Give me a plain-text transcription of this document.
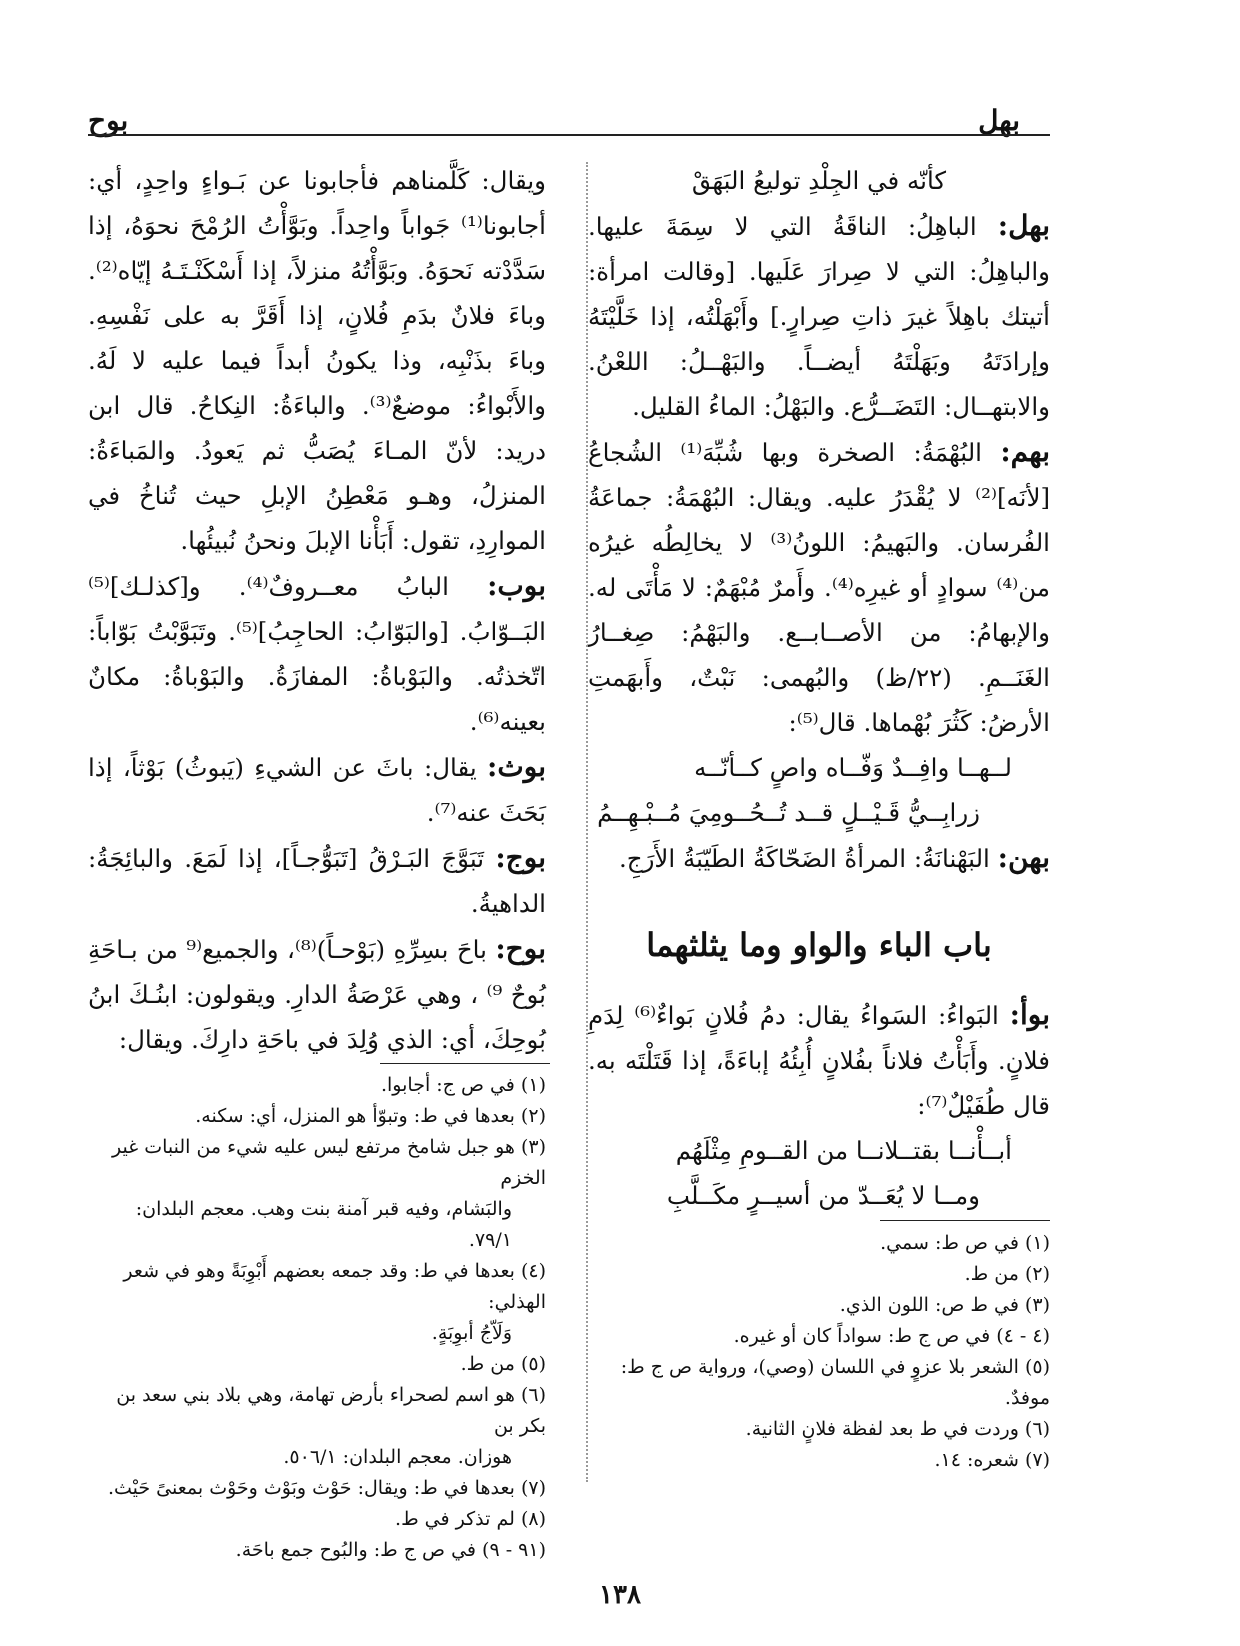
بهل
بوح

كأنّه في الجِلْدِ توليعُ البَهَقْ

بهل: الباهِلُ: الناقَةُ التي لا سِمَةَ عليها. والباهِلُ: التي لا صِرارَ عَلَيها. [وقالت امرأة: أتيتك باهِلاً غيرَ ذاتِ صِرارٍ.] وأَبْهَلْتُه، إذا خَلَّيْتَهُ وإرادَتَهُ وبَهَلْتَهُ أيضــاً. والبَهْــلُ: اللعْنُ. والابتهــال: التَضَــرُّع. والبَهْلُ: الماءُ القليل.

بهم: البُهْمَةُ: الصخرة وبها شُبِّهَ⁽¹⁾ الشُجاعُ [لأنَه]⁽²⁾ لا يُقْدَرُ عليه. ويقال: البُهْمَةُ: جماعَةُ الفُرسان. والبَهيمُ: اللونُ⁽³⁾ لا يخالِطُه غيرُه من⁽⁴⁾ سوادٍ أو غيرِه⁽⁴⁾. وأَمرٌ مُبْهَمٌ: لا مَأْتَى له. والإبهامُ: من الأصــابــع. والبَهْمُ: صِغــارُ الغَنَــمِ. (٢٢/ظ) والبُهمى: نَبْتٌ، وأَبهَمتِ الأرضُ: كَثُرَ بُهْماها. قال⁽⁵⁾:

لــهــا وافِــدٌ وَفّــاه واصٍ كــأنّــه

زرابِــيُّ قَـيْــلٍ قــد تُــحُــومِيَ مُــبْـهِــمُ

بهن: البَهْنانَةُ: المرأةُ الضَحّاكَةُ الطَيّبَةُ الأَرَجِ.

باب الباء والواو وما يثلثهما

بوأ: البَواءُ: السَواءُ يقال: دمُ فُلانٍ بَواءٌ⁽⁶⁾ لِدَمِ فلانٍ. وأَبَأْتُ فلاناً بفُلانٍ أُبِئُهُ إباءَةً، إذا قَتَلْتَه به. قال طُفَيْلٌ⁽⁷⁾:

أبــأْنــا بقتــلانــا من القــومِ مِثْلَهُم

ومــا لا يُعَــدّ من أسيــرٍ مكَــلَّبِ

ويقال: كَلَّمناهم فأجابونا عن بَـواءٍ واحِدٍ، أي: أجابونا⁽¹⁾ جَواباً واحِداً. وبَوَّأْتُ الرُمْحَ نحوَهُ، إذا سَدَّدْته نَحوَهُ. وبَوَّأْتُهُ منزلاً، إذا أَسْكَنْـتَـهُ إيّاه⁽²⁾. وباءَ فلانٌ بدَمِ فُلانٍ، إذا أَقَرَّ به على نَفْسِهِ. وباءَ بذَنْبِه، وذا يكونُ أبداً فيما عليه لا لَهُ. والأَبْواءُ: موضعٌ⁽³⁾. والباءَةُ: النِكاحُ. قال ابن دريد: لأنّ المـاءَ يُصَبُّ ثم يَعودُ. والمَباءَةُ: المنزلُ، وهـو مَعْطِنُ الإبلِ حيث تُناخُ في الموارِدِ، تقول: أَبَأْنا الإبلَ ونحنُ نُبيئُها.

بوب: البابُ معــروفٌ⁽⁴⁾. و[كذلـك]⁽⁵⁾ البَــوّابُ. [والبَوّابُ: الحاجِبُ]⁽⁵⁾. وتَبَوَّبْتُ بَوّاباً: اتّخذتُه. والبَوْباةُ: المفازَةُ. والبَوْباةُ: مكانٌ بعينه⁽⁶⁾.

بوث: يقال: باثَ عن الشيءِ (يَبوثُ) بَوْثاً، إذا بَحَثَ عنه⁽⁷⁾.

بوج: تَبَوَّجَ البَـرْقُ [تَبَوُّجـاً]، إذا لَمَعَ. والبائِجَةُ: الداهيةُ.

بوح: باحَ بسِرِّهِ (بَوْحـاً)⁽⁸⁾، والجميع⁽⁹ من بـاحَةِ بُوحٌ ⁹⁾ ، وهي عَرْصَةُ الدارِ. ويقولون: ابنُـكَ ابنُ بُوحِكَ، أي: الذي وُلِدَ في باحَةِ دارِكَ. ويقال:

(١) في ص ج: أجابوا.

(٢) بعدها في ط: وتبوّأ هو المنزل، أي: سكنه.

(٣) هو جبل شامخ مرتفع ليس عليه شيء من النبات غير الخزم

والبَشام، وفيه قبر آمنة بنت وهب. معجم البلدان: ٧٩/١.

(٤) بعدها في ط: وقد جمعه بعضهم أَبْوِبَةً وهو في شعر الهذلي:

وَلَاّجُ أبوِبَةٍ.

(٥) من ط.

(٦) هو اسم لصحراء بأرض تهامة، وهي بلاد بني سعد بن بكر بن

هوزان. معجم البلدان: ٥٠٦/١.

(٧) بعدها في ط: ويقال: حَوْث وبَوْث وحَوْث بمعنىً حَيْث.

(٨) لم تذكر في ط.

(٩١ - ٩) في ص ج ط: والبُوح جمع باحَة.

(١) في ص ط: سمي.

(٢) من ط.

(٣) في ط ص: اللون الذي.

(٤ - ٤) في ص ج ط: سواداً كان أو غيره.

(٥) الشعر بلا عزوٍ في اللسان (وصي)، ورواية ص ج ط: موفدٌ.

(٦) وردت في ط بعد لفظة فلانٍ الثانية.

(٧) شعره: ١٤.

١٣٨
